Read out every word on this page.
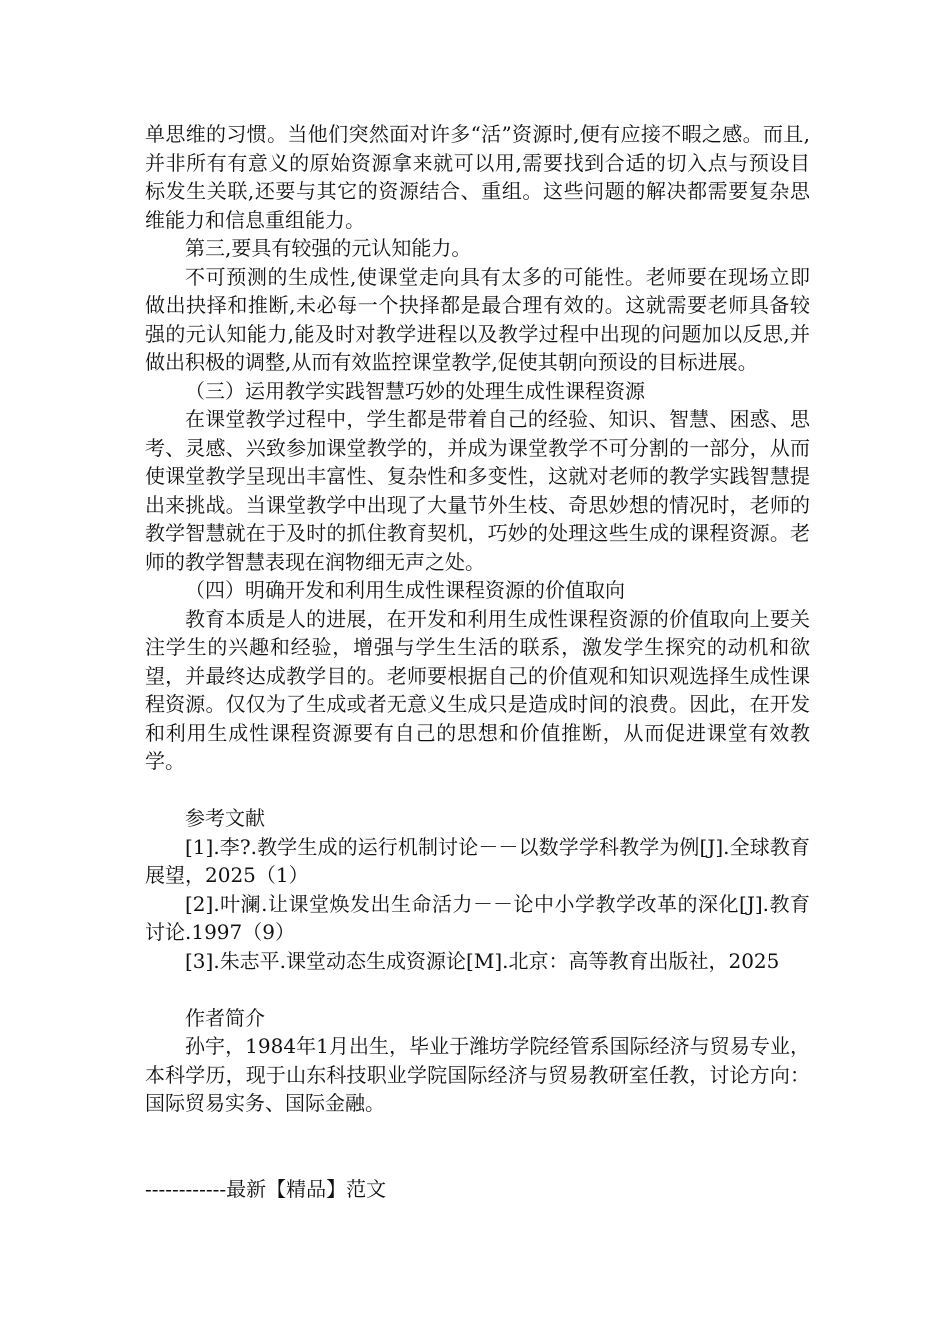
单思维的习惯。当他们突然面对许多“活”资源时,便有应接不暇之感。而且,并非所有有意义的原始资源拿来就可以用,需要找到合适的切入点与预设目标发生关联,还要与其它的资源结合、重组。这些问题的解决都需要复杂思维能力和信息重组能力。

第三,要具有较强的元认知能力。

不可预测的生成性,使课堂走向具有太多的可能性。老师要在现场立即做出抉择和推断,未必每一个抉择都是最合理有效的。这就需要老师具备较强的元认知能力,能及时对教学进程以及教学过程中出现的问题加以反思,并做出积极的调整,从而有效监控课堂教学,促使其朝向预设的目标进展。

（三）运用教学实践智慧巧妙的处理生成性课程资源

在课堂教学过程中，学生都是带着自己的经验、知识、智慧、困惑、思考、灵感、兴致参加课堂教学的，并成为课堂教学不可分割的一部分，从而使课堂教学呈现出丰富性、复杂性和多变性，这就对老师的教学实践智慧提出来挑战。当课堂教学中出现了大量节外生枝、奇思妙想的情况时，老师的教学智慧就在于及时的抓住教育契机，巧妙的处理这些生成的课程资源。老师的教学智慧表现在润物细无声之处。

（四）明确开发和利用生成性课程资源的价值取向

教育本质是人的进展，在开发和利用生成性课程资源的价值取向上要关注学生的兴趣和经验，增强与学生生活的联系，激发学生探究的动机和欲望，并最终达成教学目的。老师要根据自己的价值观和知识观选择生成性课程资源。仅仅为了生成或者无意义生成只是造成时间的浪费。因此，在开发和利用生成性课程资源要有自己的思想和价值推断，从而促进课堂有效教学。

参考文献

[1].李?.教学生成的运行机制讨论－－以数学学科教学为例[J].全球教育展望，2025（1）

[2].叶澜.让课堂焕发出生命活力－－论中小学教学改革的深化[J].教育讨论.1997（9）

[3].朱志平.课堂动态生成资源论[M].北京：高等教育出版社，2025

作者简介

孙宇，1984年1月出生，毕业于潍坊学院经管系国际经济与贸易专业，本科学历，现于山东科技职业学院国际经济与贸易教研室任教，讨论方向：国际贸易实务、国际金融。

------------最新【精品】范文
